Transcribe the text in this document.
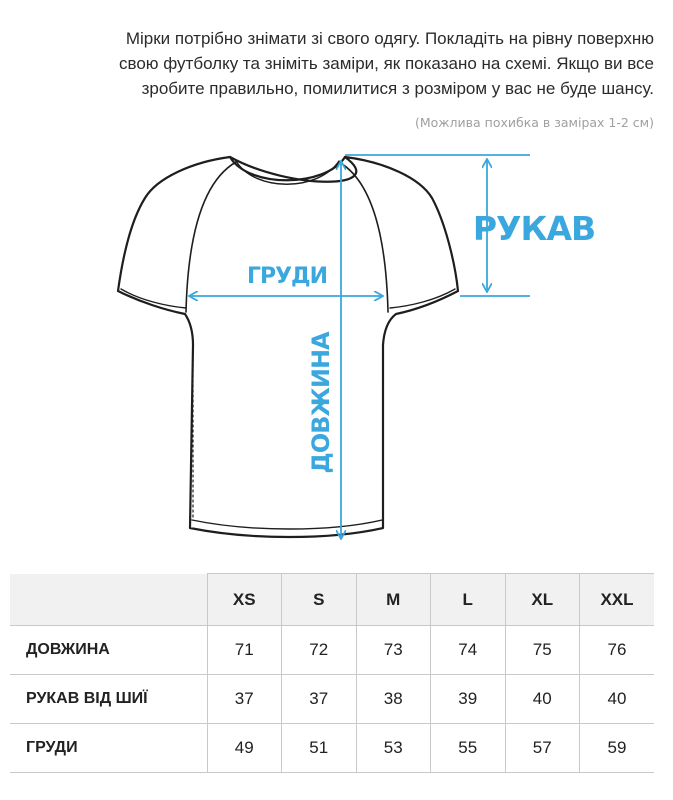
Мірки потрібно знімати зі свого одягу. Покладіть на рівну поверхню
свою футболку та зніміть заміри, як показано на схемі. Якщо ви все
зробите правильно, помилитися з розміром у вас не буде шансу.
(Можлива похибка в замірах 1-2 см)
РУКАВ
ГРУДИ
ДОВЖИНА
	XS	S	M	L	XL	XXL
ДОВЖИНА	71	72	73	74	75	76
РУКАВ ВІД ШИЇ	37	37	38	39	40	40
ГРУДИ	49	51	53	55	57	59
